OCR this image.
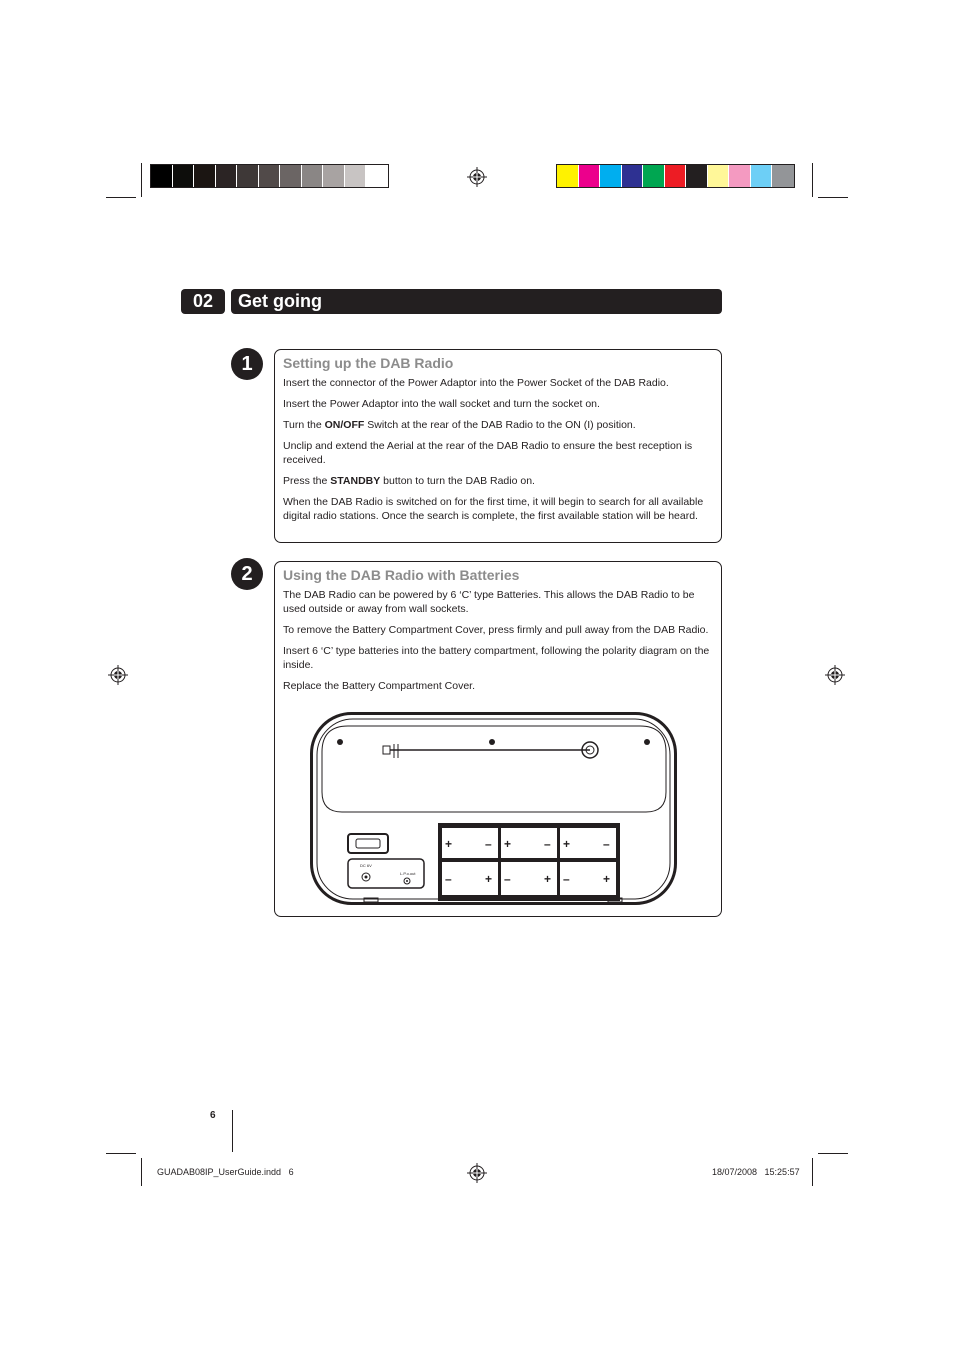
02	Get going
1	Setting up the DAB Radio

Insert the connector of the Power Adaptor into the Power Socket of the DAB Radio.

Insert the Power Adaptor into the wall socket and turn the socket on.

Turn the ON/OFF Switch at the rear of the DAB Radio to the ON (I) position.

Unclip and extend the Aerial at the rear of the DAB Radio to ensure the best reception is received.

Press the STANDBY button to turn the DAB Radio on.

When the DAB Radio is switched on for the first time, it will begin to search for all available digital radio stations. Once the search is complete, the first available station will be heard.

2	Using the DAB Radio with Batteries

The DAB Radio can be powered by 6 ‘C’ type Batteries. This allows the DAB Radio to be used outside or away from wall sockets.

To remove the Battery Compartment Cover, press firmly and pull away from the DAB Radio.

Insert 6 ‘C’ type batteries into the battery compartment, following the polarity diagram on the inside.

Replace the Battery Compartment Cover.

DC 6V
L.P.o.out
+	– +	– +	–
–	+ –	+ –	+
6
GUADAB08IP_UserGuide.indd   6	18/07/2008   15:25:57
